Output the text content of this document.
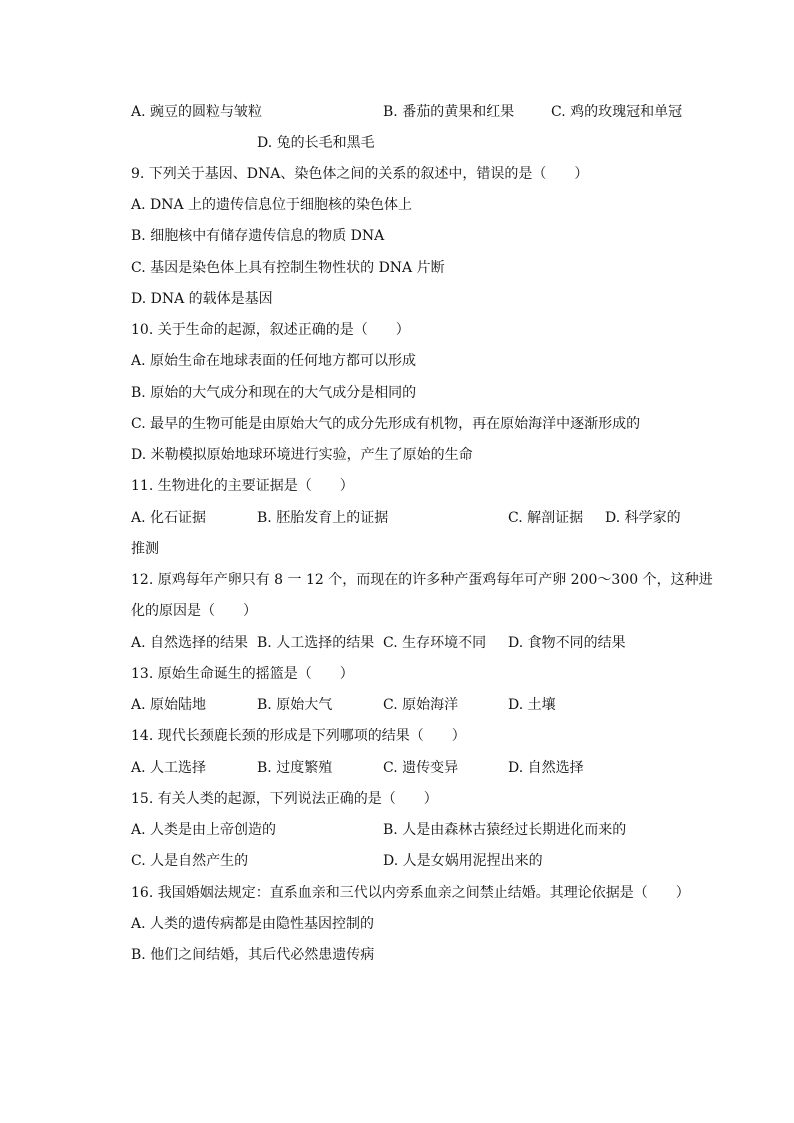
A. 豌豆的圆粒与皱粒	B. 番茄的黄果和红果	C. 鸡的玫瑰冠和单冠
D. 兔的长毛和黑毛
9. 下列关于基因、DNA、染色体之间的关系的叙述中，错误的是（　　）
A. DNA 上的遗传信息位于细胞核的染色体上
B. 细胞核中有储存遗传信息的物质 DNA
C. 基因是染色体上具有控制生物性状的 DNA 片断
D. DNA 的载体是基因
10. 关于生命的起源，叙述正确的是（　　）
A. 原始生命在地球表面的任何地方都可以形成
B. 原始的大气成分和现在的大气成分是相同的
C. 最早的生物可能是由原始大气的成分先形成有机物，再在原始海洋中逐渐形成的
D. 米勒模拟原始地球环境进行实验，产生了原始的生命
11. 生物进化的主要证据是（　　）
A. 化石证据	B. 胚胎发育上的证据	C. 解剖证据 D. 科学家的
推测
12. 原鸡每年产卵只有 8 一 12 个，而现在的许多种产蛋鸡每年可产卵 200～300 个，这种进
化的原因是（　　）
A. 自然选择的结果 B. 人工选择的结果 C. 生存环境不同 D. 食物不同的结果
13. 原始生命诞生的摇篮是（　　）
A. 原始陆地	B. 原始大气	C. 原始海洋	D. 土壤
14. 现代长颈鹿长颈的形成是下列哪项的结果（　　）
A. 人工选择	B. 过度繁殖	C. 遗传变异	D. 自然选择
15. 有关人类的起源，下列说法正确的是（　　）
A. 人类是由上帝创造的	B. 人是由森林古猿经过长期进化而来的
C. 人是自然产生的	D. 人是女娲用泥捏出来的
16. 我国婚姻法规定：直系血亲和三代以内旁系血亲之间禁止结婚。其理论依据是（　　）
A. 人类的遗传病都是由隐性基因控制的
B. 他们之间结婚，其后代必然患遗传病
